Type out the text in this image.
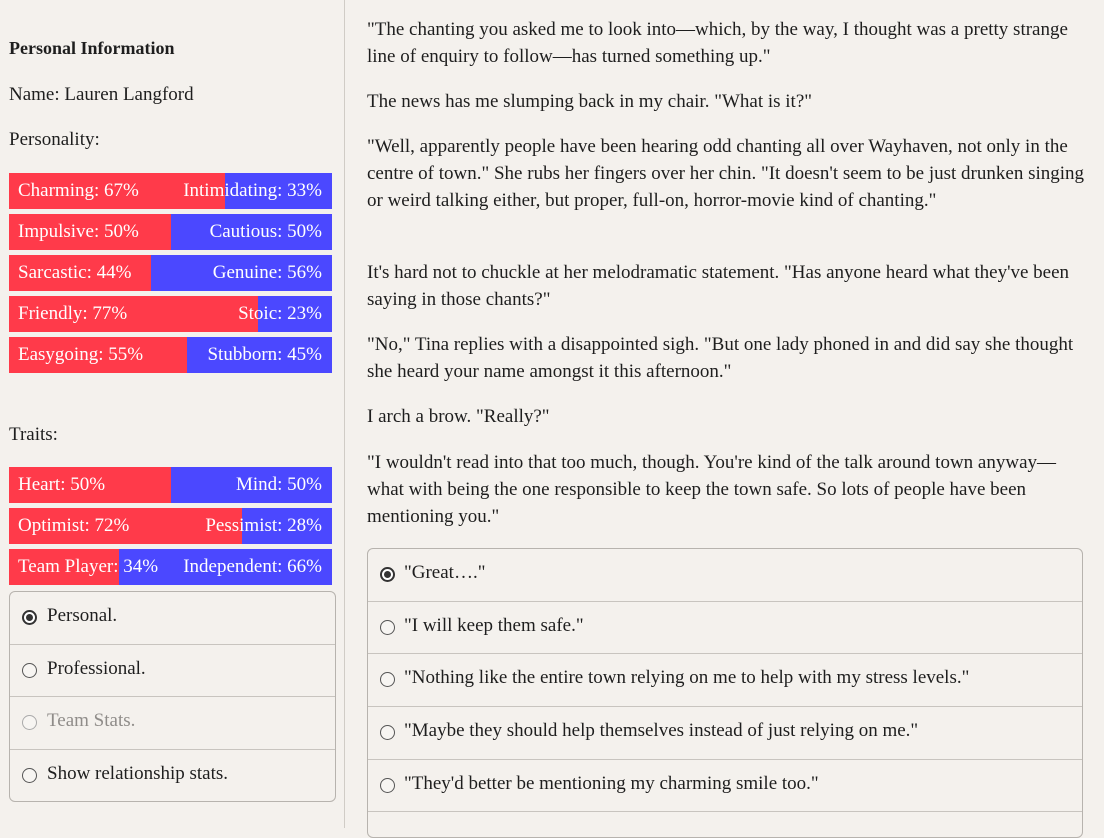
Personal Information
Name: Lauren Langford
Personality:
Charming: 67% Intimidating: 33%
Impulsive: 50%	Cautious: 50%
Sarcastic: 44%	Genuine: 56%
Friendly: 77%	Stoic: 23%
Easygoing: 55%	Stubborn: 45%
Traits:
Heart: 50%	Mind: 50%
Optimist: 72%	Pessimist: 28%
Team Player: 34% Independent: 66%
Personal.
Professional.
Team Stats.
Show relationship stats.

"The chanting you asked me to look into—which, by the way, I thought was a pretty strange line of enquiry to follow—has turned something up."

The news has me slumping back in my chair. "What is it?"

"Well, apparently people have been hearing odd chanting all over Wayhaven, not only in the centre of town." She rubs her fingers over her chin. "It doesn't seem to be just drunken singing or weird talking either, but proper, full-on, horror-movie kind of chanting."

It's hard not to chuckle at her melodramatic statement. "Has anyone heard what they've been saying in those chants?"

"No," Tina replies with a disappointed sigh. "But one lady phoned in and did say she thought she heard your name amongst it this afternoon."

I arch a brow. "Really?"

"I wouldn't read into that too much, though. You're kind of the talk around town anyway—what with being the one responsible to keep the town safe. So lots of people have been mentioning you."

"Great…."
"I will keep them safe."
"Nothing like the entire town relying on me to help with my stress levels."
"Maybe they should help themselves instead of just relying on me."
"They'd better be mentioning my charming smile too."
